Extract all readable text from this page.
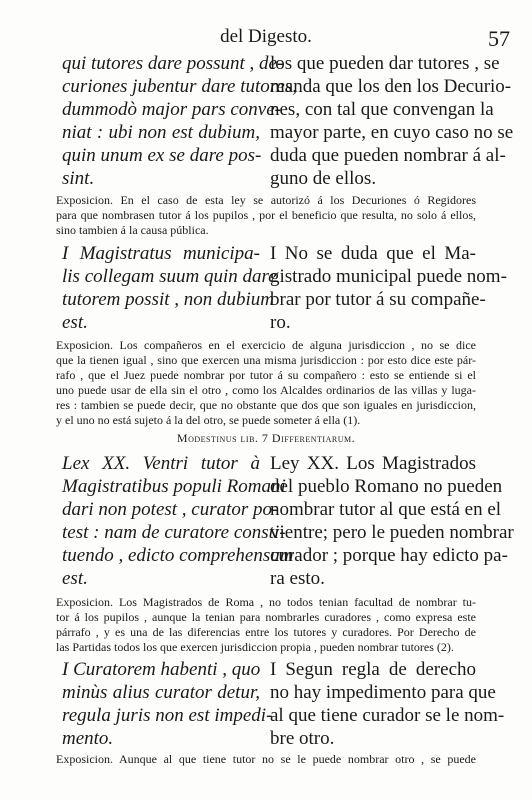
del Digesto.	57
qui tutores dare possunt , de-
curiones jubentur dare tutores,
dummodò major pars conve-
niat : ubi non est dubium,
quin unum ex se dare pos-
sint.
los que pueden dar tutores , se
manda que los den los Decurio-
nes, con tal que convengan la
mayor parte, en cuyo caso no se
duda que pueden nombrar á al-
guno de ellos.
Exposicion. En el caso de esta ley se autorizó á los Decuriones ó Regidores
para que nombrasen tutor á los pupilos , por el beneficio que resulta, no solo á ellos,
sino tambien á la causa pública.
I Magistratus municipa-
lis collegam suum quin dare
tutorem possit , non dubium
est.
I No se duda que el Ma-
gistrado municipal puede nom-
brar por tutor á su compañe-
ro.
Exposicion. Los compañeros en el exercicio de alguna jurisdiccion , no se dice
que la tienen igual , sino que exercen una misma jurisdiccion : por esto dice este pár-
rafo , que el Juez puede nombrar por tutor á su compañero : esto se entiende si el
uno puede usar de ella sin el otro , como los Alcaldes ordinarios de las villas y luga-
res : tambien se puede decir, que no obstante que dos que son iguales en jurisdiccion,
y el uno no está sujeto á la del otro, se puede someter á ella (1).
Modestinus lib. 7 Differentiarum.
Lex XX. Ventri tutor à
Magistratibus populi Romani
dari non potest , curator po-
test : nam de curatore consti-
tuendo , edicto comprehensum
est.
Ley XX. Los Magistrados
del pueblo Romano no pueden
nombrar tutor al que está en el
vientre; pero le pueden nombrar
curador ; porque hay edicto pa-
ra esto.
Exposicion. Los Magistrados de Roma , no todos tenian facultad de nombrar tu-
tor á los pupilos , aunque la tenian para nombrarles curadores , como expresa este
párrafo , y es una de las diferencias entre los tutores y curadores. Por Derecho de
las Partidas todos los que exercen jurisdiccion propia , pueden nombrar tutores (2).
I Curatorem habenti , quo
minùs alius curator detur,
regula juris non est impedi-
mento.
I Segun regla de derecho
no hay impedimento para que
al que tiene curador se le nom-
bre otro.
Exposicion. Aunque al que tiene tutor no se le puede nombrar otro , se puede
